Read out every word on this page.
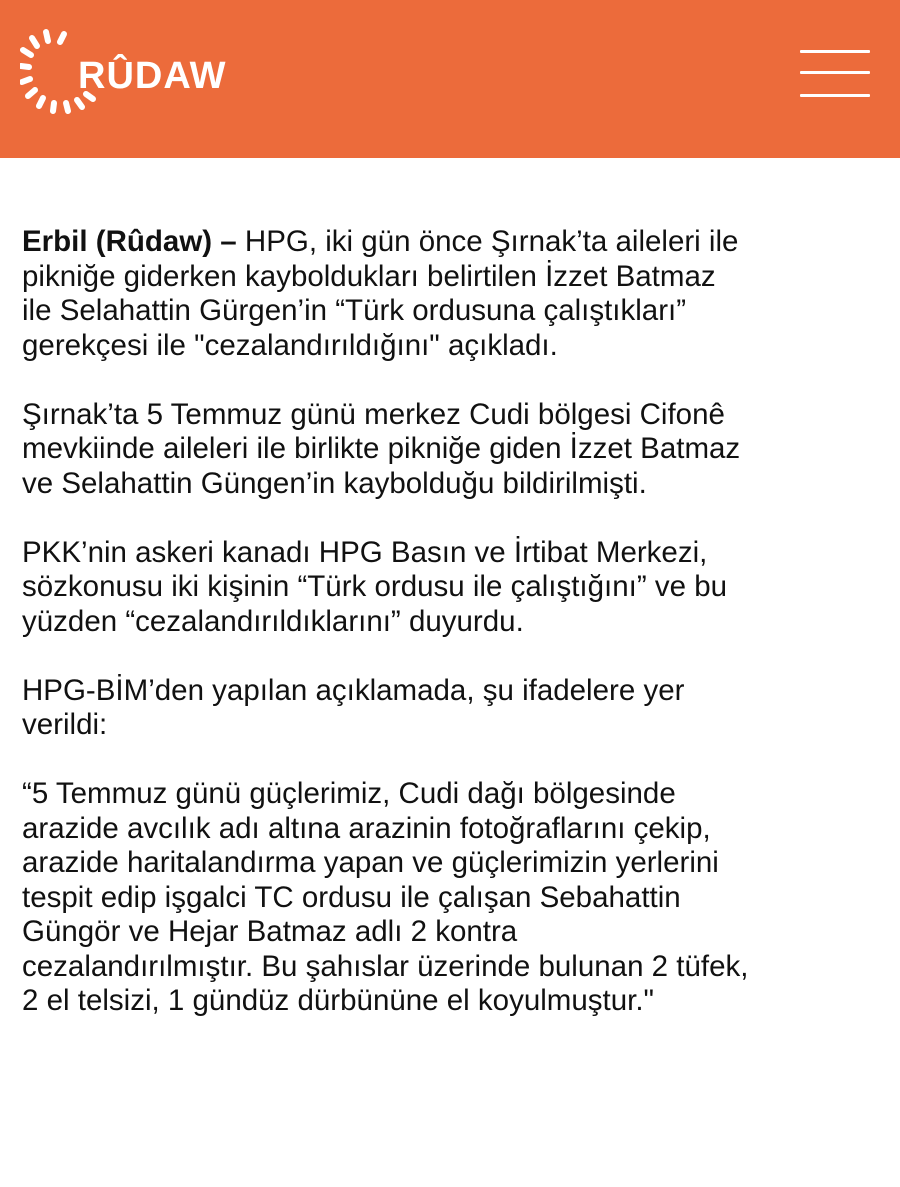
RÛDAW

Erbil (Rûdaw) – HPG, iki gün önce Şırnak’ta aileleri ile
pikniğe giderken kayboldukları belirtilen İzzet Batmaz
ile Selahattin Gürgen’in “Türk ordusuna çalıştıkları”
gerekçesi ile "cezalandırıldığını" açıkladı.

Şırnak’ta 5 Temmuz günü merkez Cudi bölgesi Cifonê
mevkiinde aileleri ile birlikte pikniğe giden İzzet Batmaz
ve Selahattin Güngen’in kaybolduğu bildirilmişti.

PKK’nin askeri kanadı HPG Basın ve İrtibat Merkezi,
sözkonusu iki kişinin “Türk ordusu ile çalıştığını” ve bu
yüzden “cezalandırıldıklarını” duyurdu.

HPG-BİM’den yapılan açıklamada, şu ifadelere yer
verildi:

“5 Temmuz günü güçlerimiz, Cudi dağı bölgesinde
arazide avcılık adı altına arazinin fotoğraflarını çekip,
arazide haritalandırma yapan ve güçlerimizin yerlerini
tespit edip işgalci TC ordusu ile çalışan Sebahattin
Güngör ve Hejar Batmaz adlı 2 kontra
cezalandırılmıştır. Bu şahıslar üzerinde bulunan 2 tüfek,
2 el telsizi, 1 gündüz dürbününe el koyulmuştur."
